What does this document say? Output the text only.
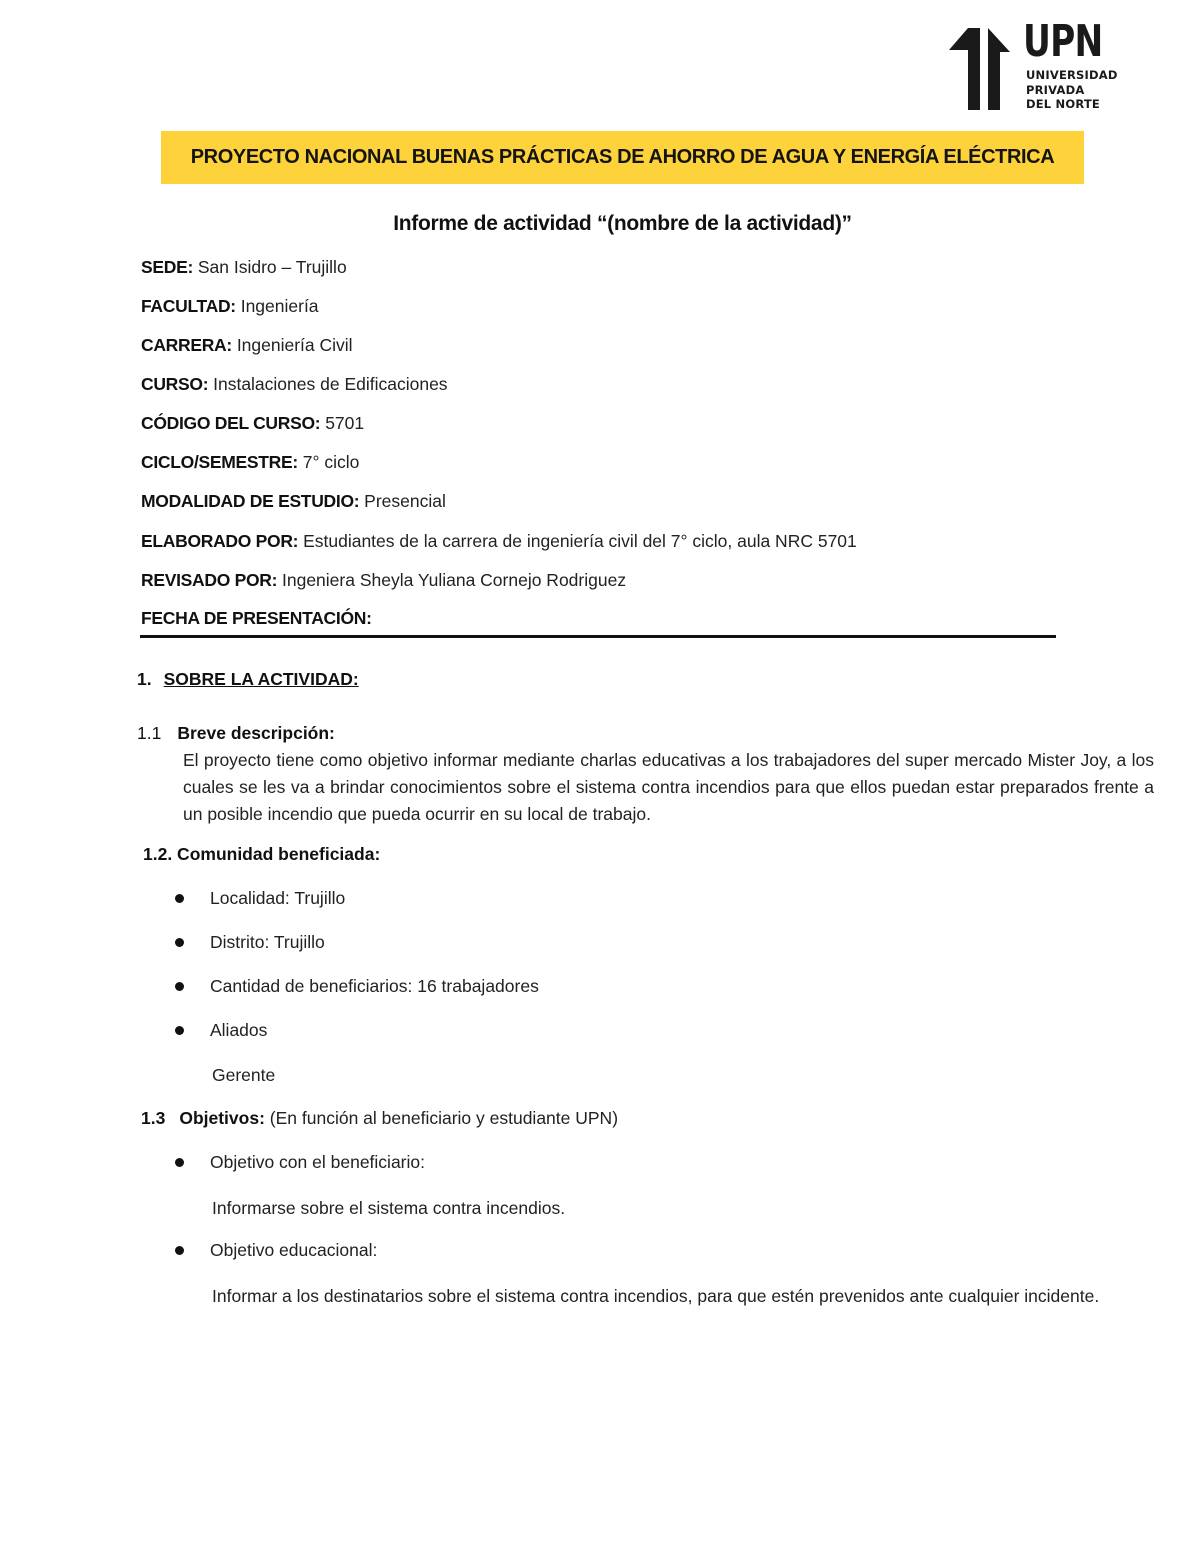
UPN
UNIVERSIDAD
PRIVADA
DEL NORTE
PROYECTO NACIONAL BUENAS PRÁCTICAS DE AHORRO DE AGUA Y ENERGÍA ELÉCTRICA
Informe de actividad “(nombre de la actividad)”
SEDE: San Isidro – Trujillo
FACULTAD: Ingeniería
CARRERA: Ingeniería Civil
CURSO: Instalaciones de Edificaciones
CÓDIGO DEL CURSO: 5701
CICLO/SEMESTRE: 7° ciclo
MODALIDAD DE ESTUDIO: Presencial
ELABORADO POR: Estudiantes de la carrera de ingeniería civil del 7° ciclo, aula NRC 5701
REVISADO POR: Ingeniera Sheyla Yuliana Cornejo Rodriguez
FECHA DE PRESENTACIÓN:
1. SOBRE LA ACTIVIDAD:
1.1 Breve descripción:
El proyecto tiene como objetivo informar mediante charlas educativas a los trabajadores del super mercado Mister Joy, a los cuales se les va a brindar conocimientos sobre el sistema contra incendios para que ellos puedan estar preparados frente a un posible incendio que pueda ocurrir en su local de trabajo.
1.2. Comunidad beneficiada:
Localidad: Trujillo
Distrito: Trujillo
Cantidad de beneficiarios: 16 trabajadores
Aliados
Gerente
1.3 Objetivos: (En función al beneficiario y estudiante UPN)
Objetivo con el beneficiario:
Informarse sobre el sistema contra incendios.
Objetivo educacional:
Informar a los destinatarios sobre el sistema contra incendios, para que estén prevenidos ante cualquier incidente.
